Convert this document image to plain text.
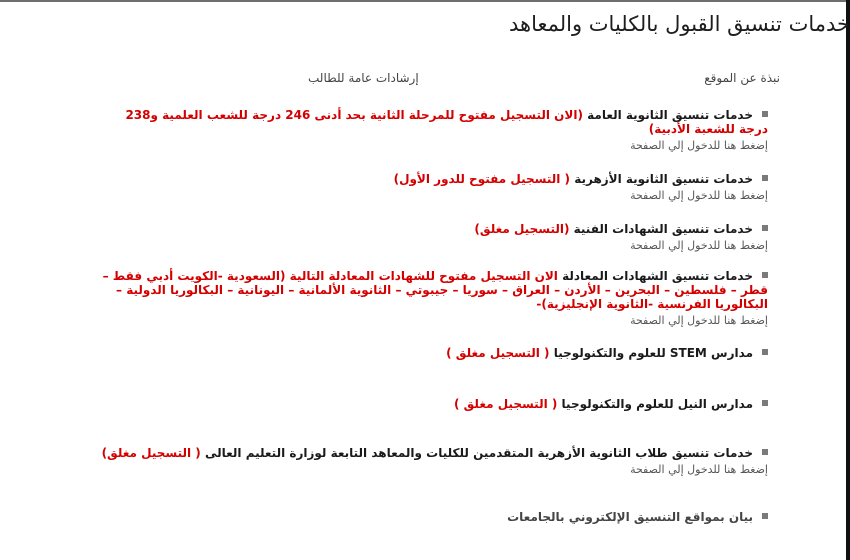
خدمات تنسيق القبول بالكليات والمعاهد
نبذة عن الموقع
إرشادات عامة للطالب
خدمات تنسيق الثانوية العامة (الان التسجيل مفتوح للمرحلة الثانية بحد أدنى 246 درجة للشعب العلمية و238 درجة للشعبة الأدبية)
إضغط هنا للدخول إلي الصفحة
خدمات تنسيق الثانوية الأزهرية ( التسجيل مفتوح للدور الأول)
إضغط هنا للدخول إلي الصفحة
خدمات تنسيق الشهادات الفنية (التسجيل مغلق)
إضغط هنا للدخول إلي الصفحة
خدمات تنسيق الشهادات المعادلة الان التسجيل مفتوح للشهادات المعادلة التالية (السعودية -الكويت أدبي فقط – قطر – فلسطين – البحرين – الأردن – العراق – سوريا – جيبوتي – الثانوية الألمانية – اليونانية – البكالوريا الدولية – البكالوريا الفرنسية -الثانوية الإنجليزية)-
إضغط هنا للدخول إلي الصفحة
مدارس STEM للعلوم والتكنولوجيا ( التسجيل مغلق )
مدارس النيل للعلوم والتكنولوجيا ( التسجيل مغلق )
خدمات تنسيق طلاب الثانوية الأزهرية المتقدمين للكليات والمعاهد التابعة لوزارة التعليم العالى ( التسجيل مغلق)
إضغط هنا للدخول إلي الصفحة
بيان بمواقع التنسيق الإلكتروني بالجامعات
